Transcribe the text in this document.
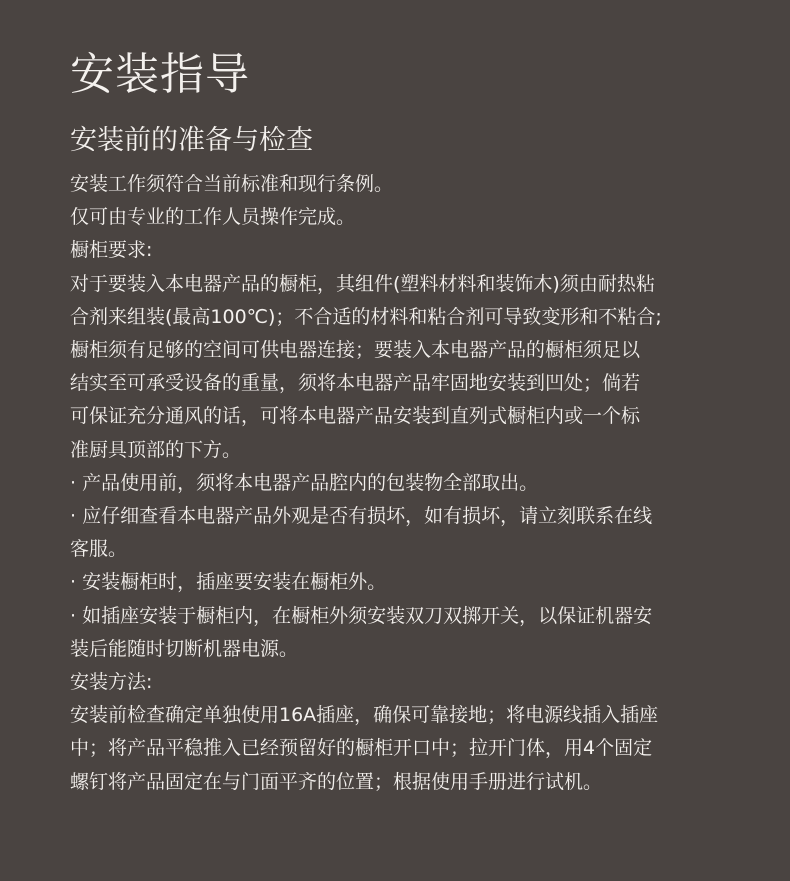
安装指导
安装前的准备与检查

安装工作须符合当前标准和现行条例。

仅可由专业的工作人员操作完成。

橱柜要求:

对于要装入本电器产品的橱柜，其组件(塑料材料和装饰木)须由耐热粘

合剂来组装(最高100℃)；不合适的材料和粘合剂可导致变形和不粘合;

橱柜须有足够的空间可供电器连接；要装入本电器产品的橱柜须足以

结实至可承受设备的重量，须将本电器产品牢固地安装到凹处；倘若

可保证充分通风的话，可将本电器产品安装到直列式橱柜内或一个标

准厨具顶部的下方。

· 产品使用前，须将本电器产品腔内的包装物全部取出。

· 应仔细查看本电器产品外观是否有损坏，如有损坏，请立刻联系在线

客服。

· 安装橱柜时，插座要安装在橱柜外。

· 如插座安装于橱柜内，在橱柜外须安装双刀双掷开关，以保证机器安

装后能随时切断机器电源。

安装方法:

安装前检查确定单独使用16A插座，确保可靠接地；将电源线插入插座

中；将产品平稳推入已经预留好的橱柜开口中；拉开门体，用4个固定

螺钉将产品固定在与门面平齐的位置；根据使用手册进行试机。
